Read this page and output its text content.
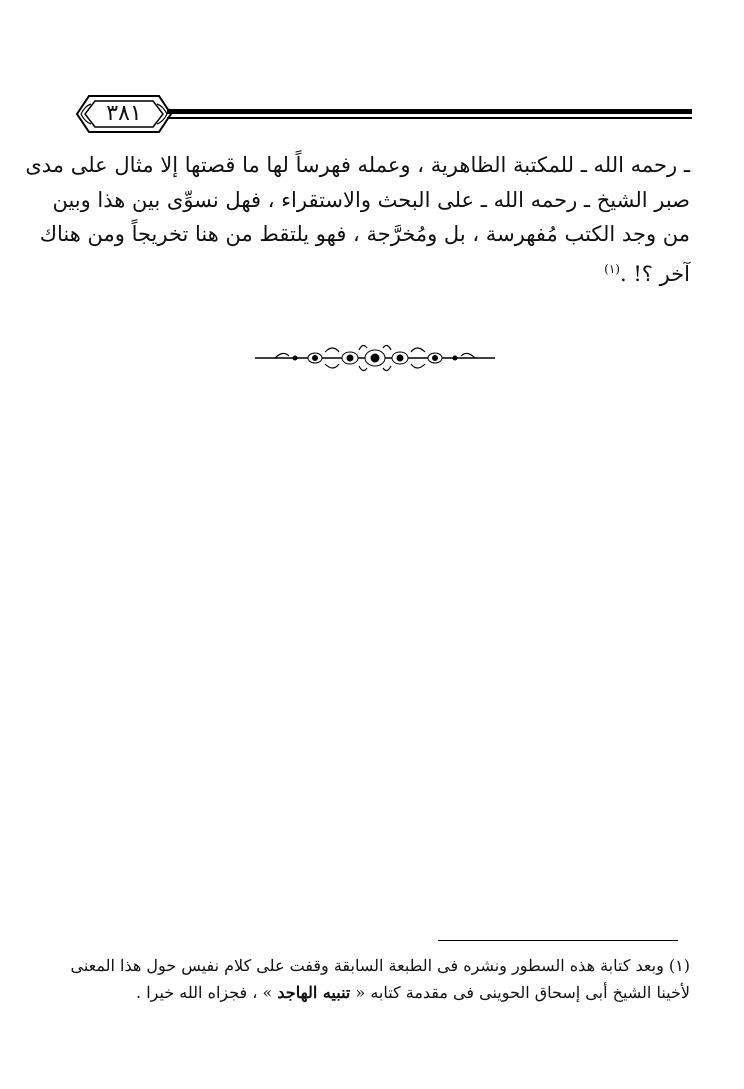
٣٨١
ـ رحمه الله ـ للمكتبة الظاهرية ، وعمله فهرساً لها ما قصتها إلا مثال على مدى
صبر الشيخ ـ رحمه الله ـ على البحث والاستقراء ، فهل نسوِّى بين هذا وبين
من وجد الكتب مُفهرسة ، بل ومُخرَّجة ، فهو يلتقط من هنا تخريجاً ومن هناك
آخر ؟! .$^{(١)}$
(١) وبعد كتابة هذه السطور ونشره فى الطبعة السابقة وقفت على كلام نفيس حول هذا المعنى
لأخينا الشيخ أبى إسحاق الحوينى فى مقدمة كتابه « تنبيه الهاجد » ، فجزاه الله خيرا .
